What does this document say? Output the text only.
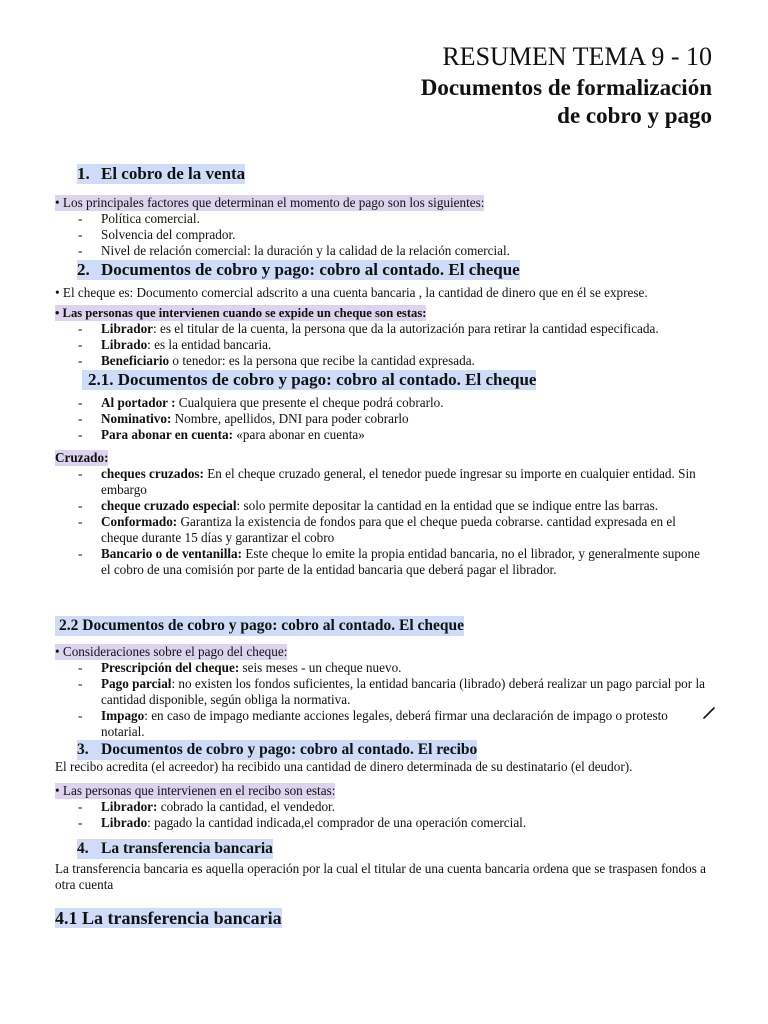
RESUMEN TEMA 9 - 10
Documentos de formalización
de cobro y pago
1. El cobro de la venta

• Los principales factores que determinan el momento de pago son los siguientes:

- Política comercial.
- Solvencia del comprador.
- Nivel de relación comercial: la duración y la calidad de la relación comercial.
2. Documentos de cobro y pago: cobro al contado. El cheque

• El cheque es: Documento comercial adscrito a una cuenta bancaria , la cantidad de dinero que en él se exprese.

• Las personas que intervienen cuando se expide un cheque son estas:

- Librador: es el titular de la cuenta, la persona que da la autorización para retirar la cantidad especificada.
- Librado: es la entidad bancaria.
- Beneficiario o tenedor: es la persona que recibe la cantidad expresada.
2.1. Documentos de cobro y pago: cobro al contado. El cheque
- Al portador : Cualquiera que presente el cheque podrá cobrarlo.
- Nominativo: Nombre, apellidos, DNI para poder cobrarlo
- Para abonar en cuenta: «para abonar en cuenta»

Cruzado:

- cheques cruzados: En el cheque cruzado general, el tenedor puede ingresar su importe en cualquier entidad. Sin embargo
- cheque cruzado especial: solo permite depositar la cantidad en la entidad que se indique entre las barras.
- Conformado: Garantiza la existencia de fondos para que el cheque pueda cobrarse. cantidad expresada en el cheque durante 15 días y garantizar el cobro
- Bancario o de ventanilla: Este cheque lo emite la propia entidad bancaria, no el librador, y generalmente supone el cobro de una comisión por parte de la entidad bancaria que deberá pagar el librador.
2.2 Documentos de cobro y pago: cobro al contado. El cheque

• Consideraciones sobre el pago del cheque:

- Prescripción del cheque: seis meses - un cheque nuevo.
- Pago parcial: no existen los fondos suficientes, la entidad bancaria (librado) deberá realizar un pago parcial por la cantidad disponible, según obliga la normativa.
- Impago: en caso de impago mediante acciones legales, deberá firmar una declaración de impago o protesto notarial.
3. Documentos de cobro y pago: cobro al contado. El recibo

El recibo acredita (el acreedor) ha recibido una cantidad de dinero determinada de su destinatario (el deudor).

• Las personas que intervienen en el recibo son estas:

- Librador: cobrado la cantidad, el vendedor.
- Librado: pagado la cantidad indicada,el comprador de una operación comercial.
4. La transferencia bancaria

La transferencia bancaria es aquella operación por la cual el titular de una cuenta bancaria ordena que se traspasen fondos a otra cuenta

4.1 La transferencia bancaria
